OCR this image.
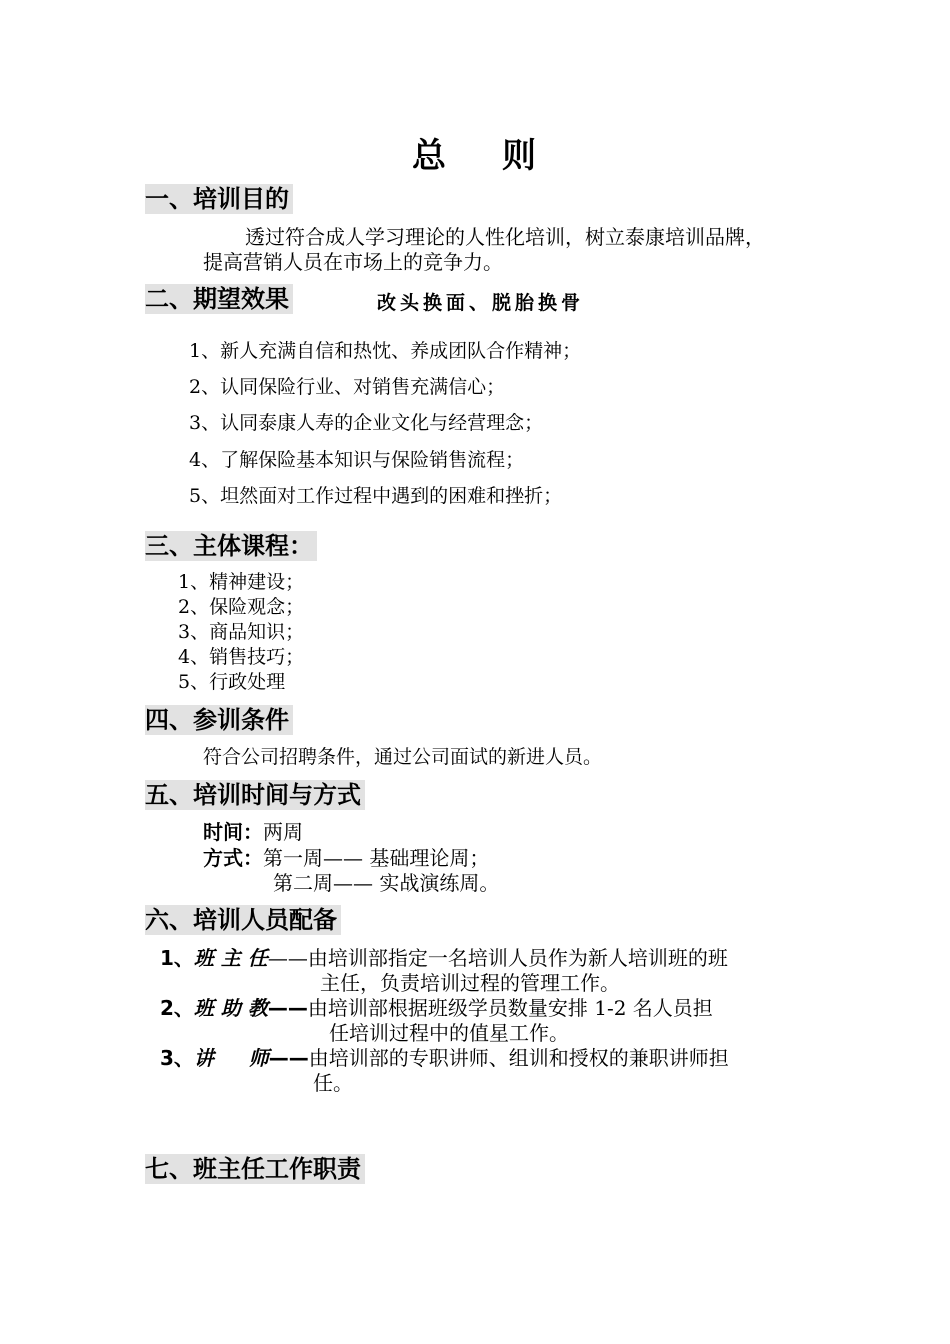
总 则
一、培训目的
透过符合成人学习理论的人性化培训，树立泰康培训品牌，
提高营销人员在市场上的竞争力。
二、期望效果	改头换面、脱胎换骨
1、新人充满自信和热忱、养成团队合作精神；
2、认同保险行业、对销售充满信心；
3、认同泰康人寿的企业文化与经营理念；
4、了解保险基本知识与保险销售流程；
5、坦然面对工作过程中遇到的困难和挫折；
三、主体课程：
1、精神建设；
2、保险观念；
3、商品知识；
4、销售技巧；
5、行政处理
四、参训条件
符合公司招聘条件，通过公司面试的新进人员。
五、培训时间与方式
时间：两周
方式：第一周—— 基础理论周；
第二周—— 实战演练周。
六、培训人员配备
1、班 主 任——由培训部指定一名培训人员作为新人培训班的班
主任，负责培训过程的管理工作。
2、班 助 教——由培训部根据班级学员数量安排 1-2 名人员担
任培训过程中的值星工作。
3、讲     师——由培训部的专职讲师、组训和授权的兼职讲师担
任。
七、班主任工作职责
